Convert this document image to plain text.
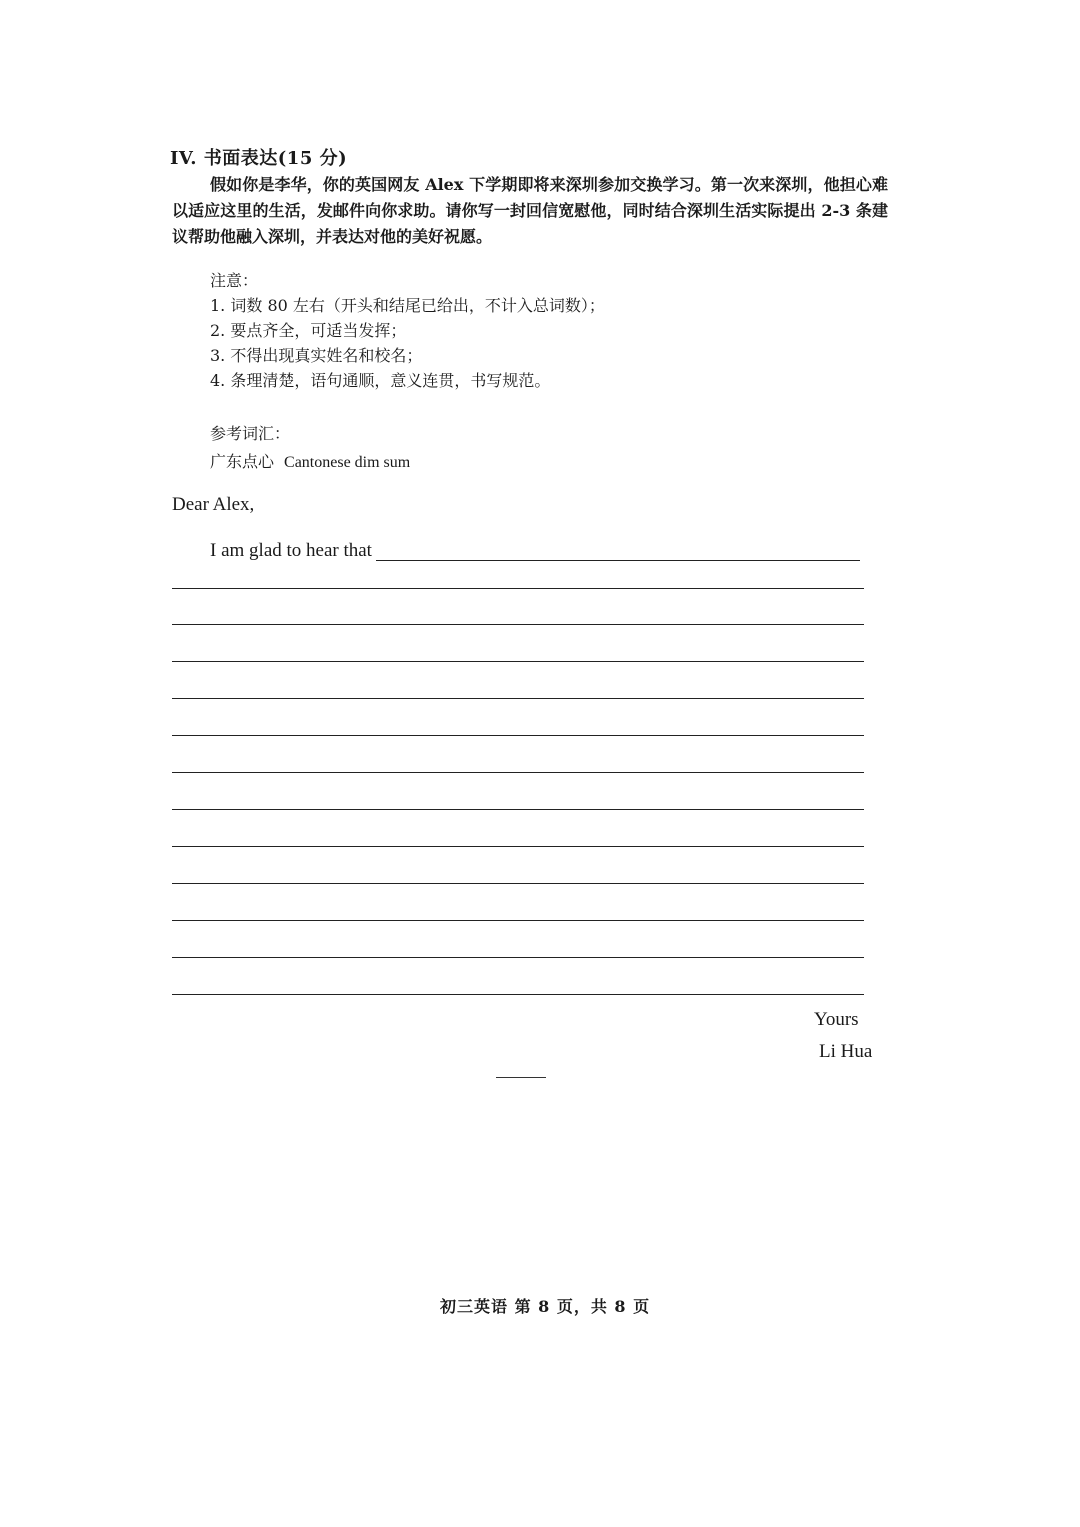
IV. 书面表达(15 分)
假如你是李华，你的英国网友 Alex 下学期即将来深圳参加交换学习。第一次来深圳，他担心难以适应这里的生活，发邮件向你求助。请你写一封回信宽慰他，同时结合深圳生活实际提出 2-3 条建议帮助他融入深圳，并表达对他的美好祝愿。
注意：
1. 词数 80 左右（开头和结尾已给出，不计入总词数）；
2. 要点齐全，可适当发挥；
3. 不得出现真实姓名和校名；
4. 条理清楚，语句通顺，意义连贯，书写规范。
参考词汇：
广东点心 Cantonese dim sum
Dear Alex,
I am glad to hear that
Yours
Li Hua
初三英语 第 8 页，共 8 页
